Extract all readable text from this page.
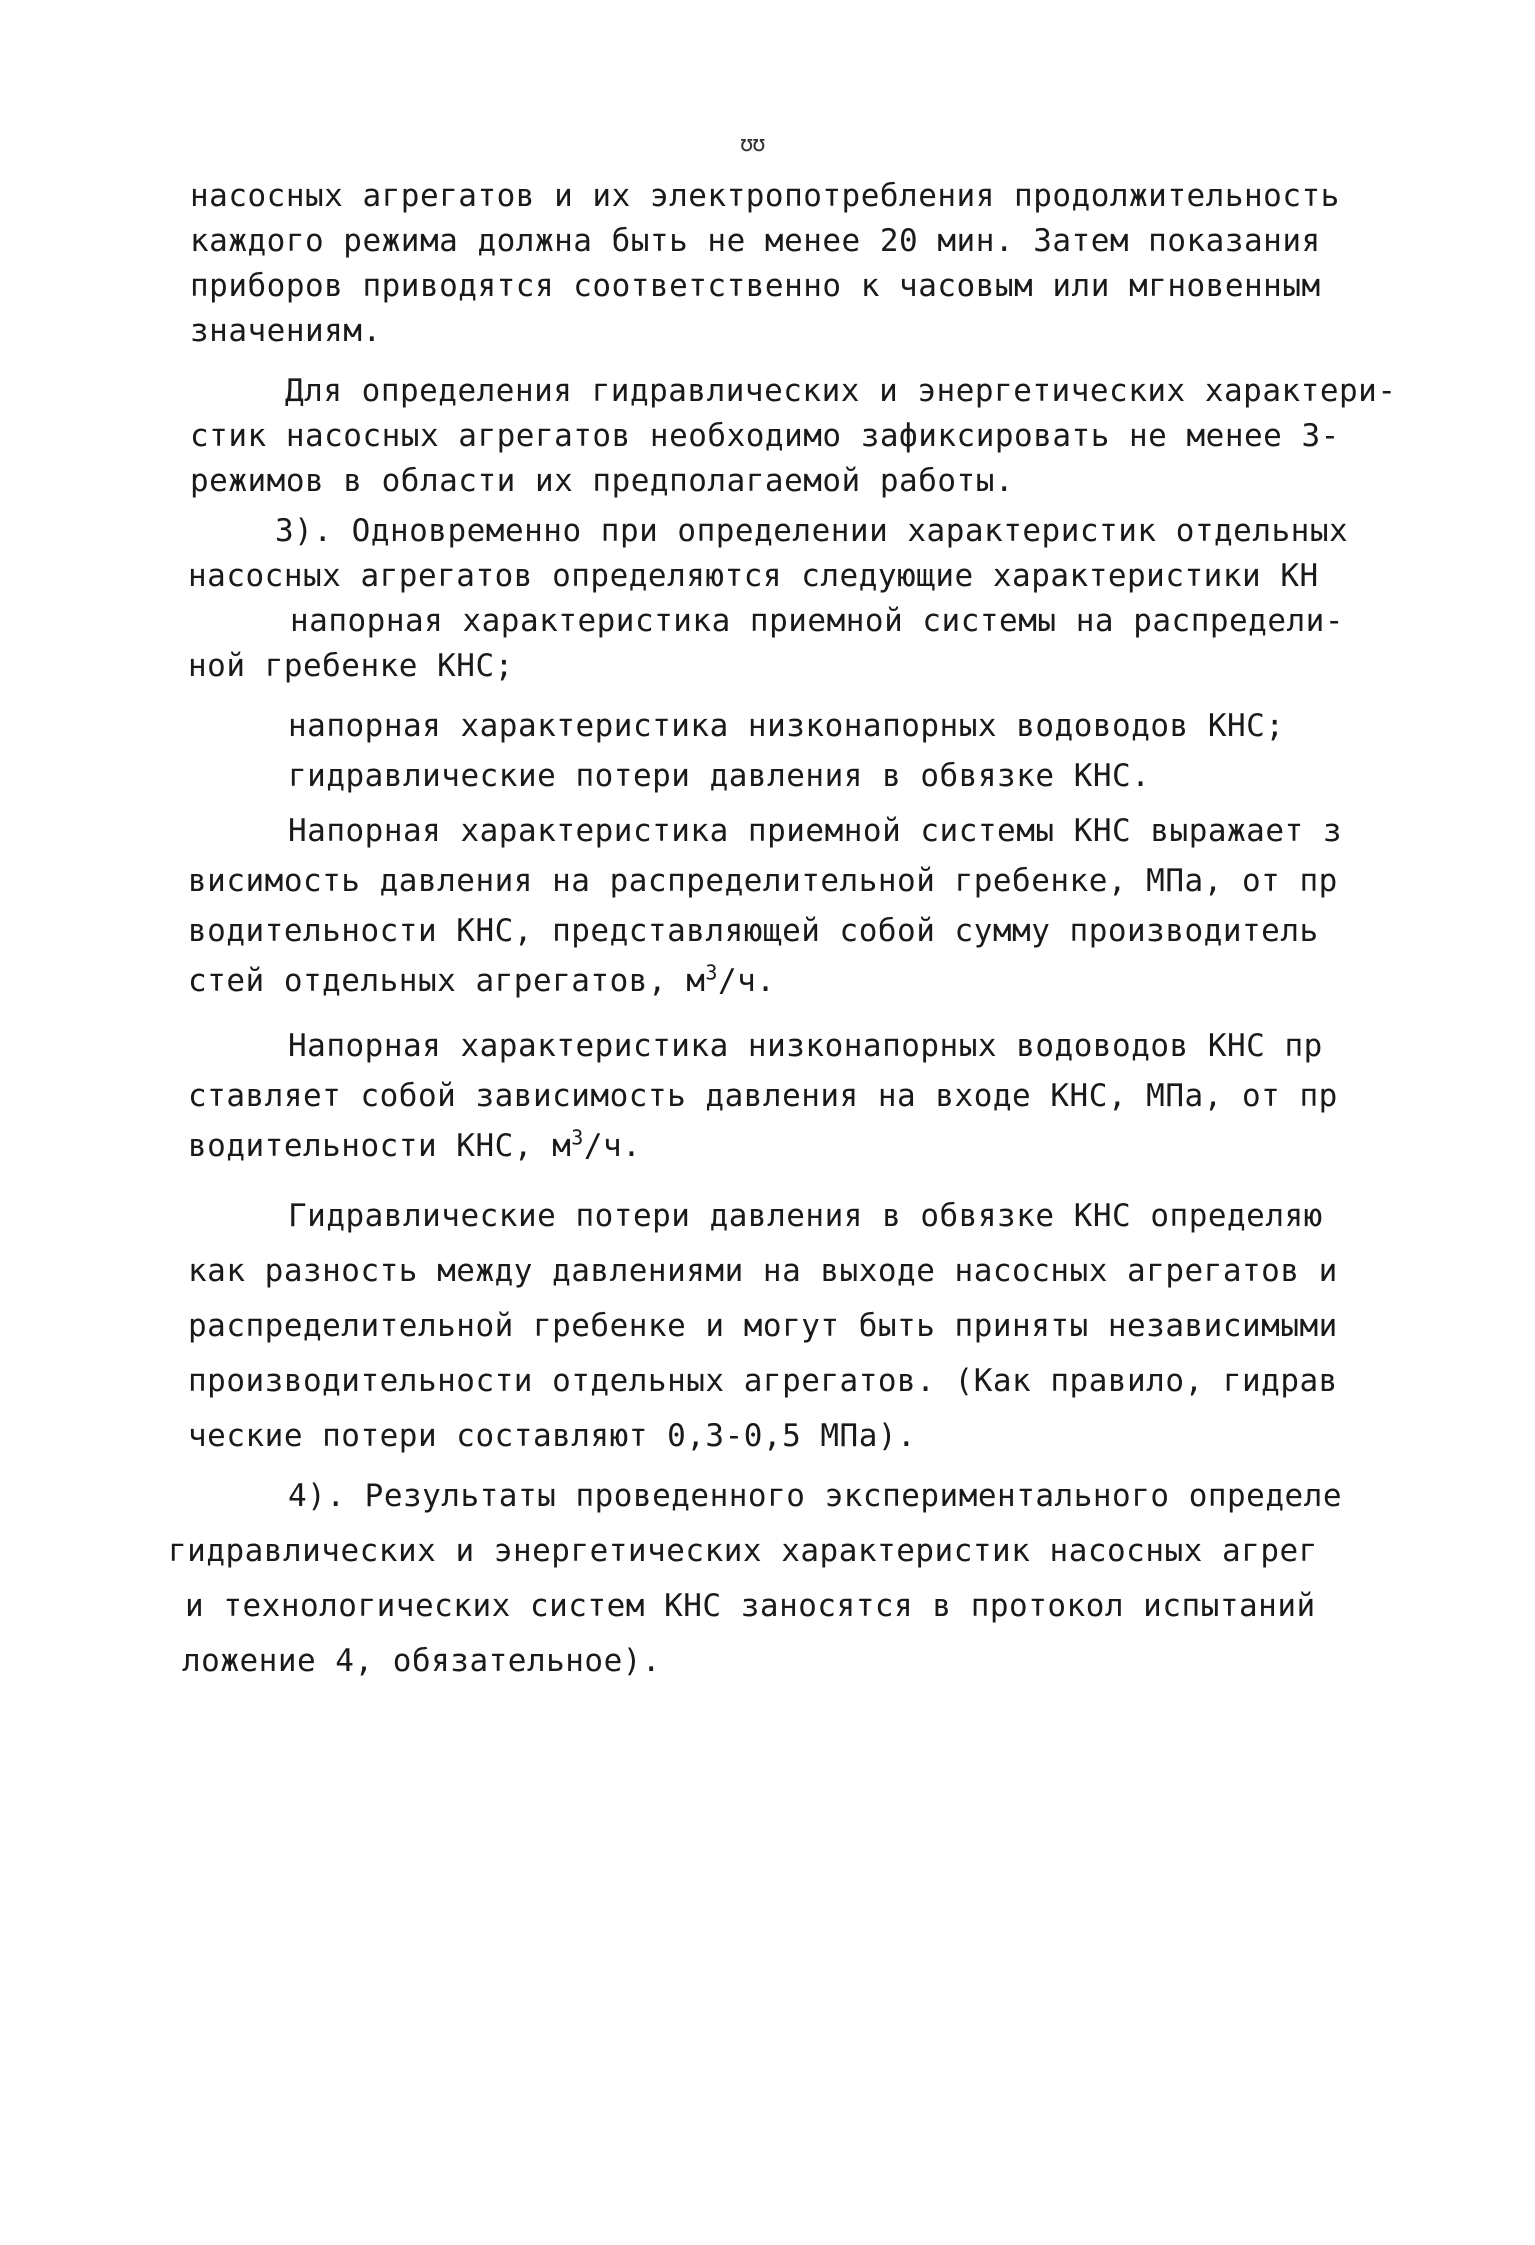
ʊʊ
насосных агрегатов и их электропотребления продолжительность
каждого режима должна быть не менее 20 мин. Затем показания
приборов приводятся соответственно к часовым или мгновенным
значениям.
Для определения гидравлических и энергетических характери-
стик насосных агрегатов необходимо зафиксировать не менее 3-
режимов в области их предполагаемой работы.
3). Одновременно при определении характеристик отдельных
насосных агрегатов определяются следующие характеристики КН
напорная характеристика приемной системы на распредели-
ной гребенке КНС;
напорная характеристика низконапорных водоводов КНС;
гидравлические потери давления в обвязке КНС.
Напорная характеристика приемной системы КНС выражает з
висимость давления на распределительной гребенке, МПа, от пр
водительности КНС, представляющей собой сумму производитель
стей отдельных агрегатов, $м^3/ч$.
Напорная характеристика низконапорных водоводов КНС пр
ставляет собой зависимость давления на входе КНС, МПа, от пр
водительности КНС, $м^3/ч$.
Гидравлические потери давления в обвязке КНС определяю
как разность между давлениями на выходе насосных агрегатов и
распределительной гребенке и могут быть приняты независимыми
производительности отдельных агрегатов. (Как правило, гидрав
ческие потери составляют 0,3-0,5 МПа).
4). Результаты проведенного экспериментального определе
гидравлических и энергетических характеристик насосных агрег
и технологических систем КНС заносятся в протокол испытаний
ложение 4, обязательное).
